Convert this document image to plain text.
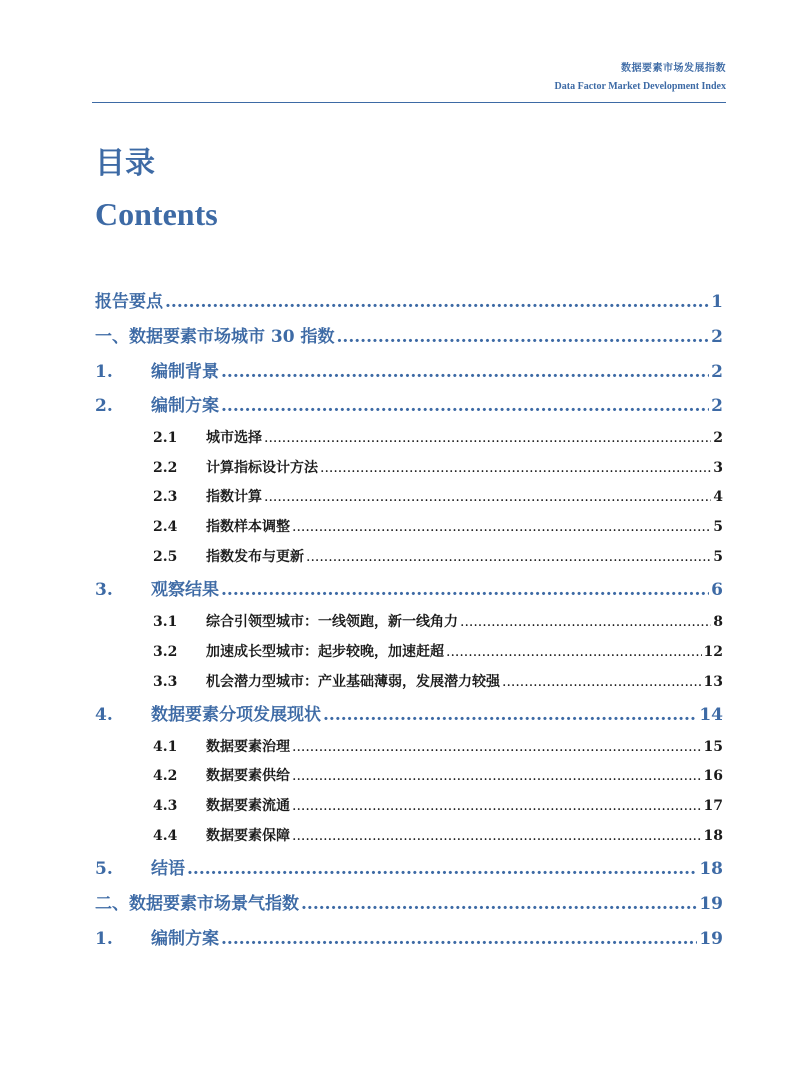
数据要素市场发展指数
Data Factor Market Development Index
目录
Contents
报告要点 .....	1
一、数据要素市场城市 30 指数 .....	2
1.	编制背景 .....	2
2.	编制方案 .....	2
2.1	城市选择 .....	2
2.2	计算指标设计方法 .....	3
2.3	指数计算 .....	4
2.4	指数样本调整 .....	5
2.5	指数发布与更新 .....	5
3.	观察结果 .....	6
3.1	综合引领型城市：一线领跑，新一线角力 .....	8
3.2	加速成长型城市：起步较晚，加速赶超 .....	12
3.3	机会潜力型城市：产业基础薄弱，发展潜力较强 .....	13
4.	数据要素分项发展现状 .....	14
4.1	数据要素治理 .....	15
4.2	数据要素供给 .....	16
4.3	数据要素流通 .....	17
4.4	数据要素保障 .....	18
5.	结语 .....	18
二、数据要素市场景气指数 .....	19
1.	编制方案 .....	19
